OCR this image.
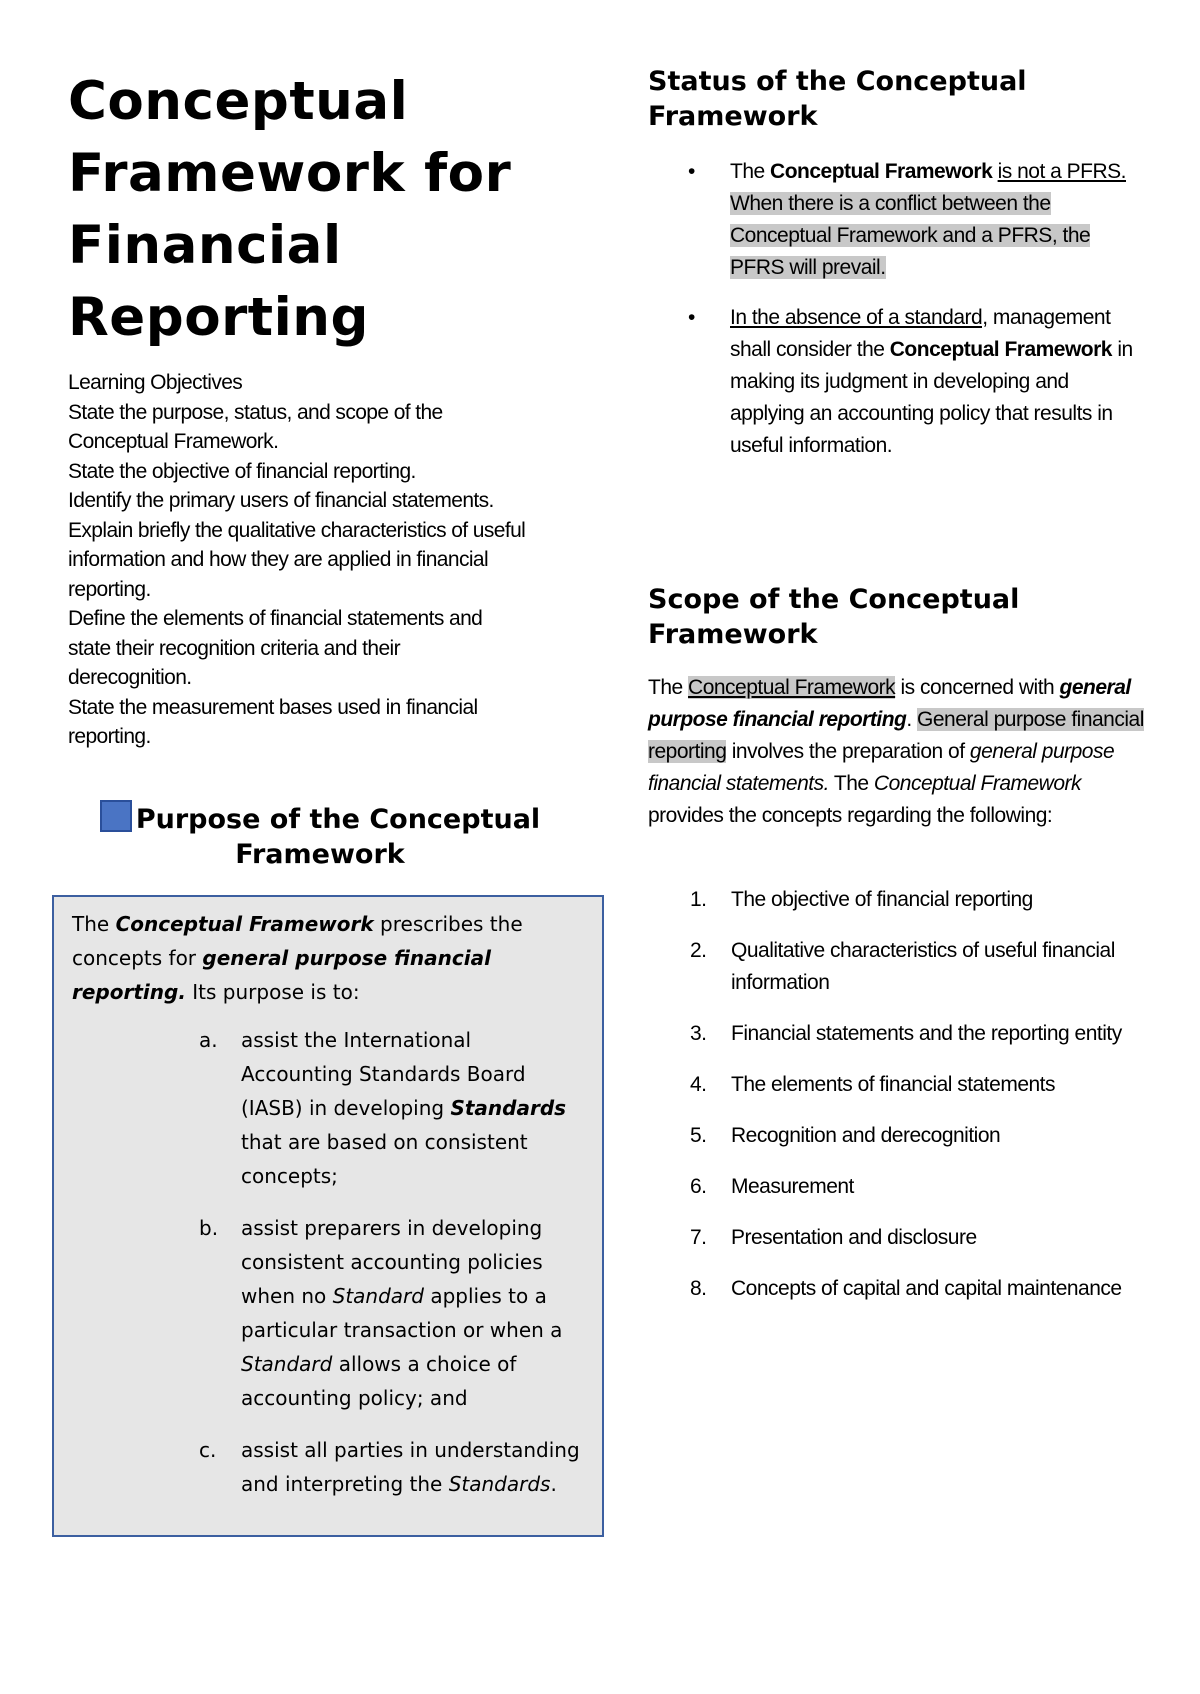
Conceptual
Framework for
Financial
Reporting
Learning Objectives
State the purpose, status, and scope of the
Conceptual Framework.
State the objective of financial reporting.
Identify the primary users of financial statements.
Explain briefly the qualitative characteristics of useful
information and how they are applied in financial
reporting.
Define the elements of financial statements and
state their recognition criteria and their
derecognition.
State the measurement bases used in financial
reporting.
Purpose of the Conceptual
Framework

The Conceptual Framework prescribes the concepts for general purpose financial reporting. Its purpose is to:

a. assist the International Accounting Standards Board (IASB) in developing Standards that are based on consistent concepts;
b. assist preparers in developing consistent accounting policies when no Standard applies to a particular transaction or when a Standard allows a choice of accounting policy; and
c. assist all parties in understanding and interpreting the Standards.
Status of the Conceptual
Framework
• The Conceptual Framework is not a PFRS. When there is a conflict between the Conceptual Framework and a PFRS, the PFRS will prevail.
• In the absence of a standard, management shall consider the Conceptual Framework in making its judgment in developing and applying an accounting policy that results in useful information.
Scope of the Conceptual
Framework

The Conceptual Framework is concerned with general purpose financial reporting. General purpose financial reporting involves the preparation of general purpose financial statements. The Conceptual Framework provides the concepts regarding the following:

1. The objective of financial reporting
2. Qualitative characteristics of useful financial information
3. Financial statements and the reporting entity
4. The elements of financial statements
5. Recognition and derecognition
6. Measurement
7. Presentation and disclosure
8. Concepts of capital and capital maintenance
